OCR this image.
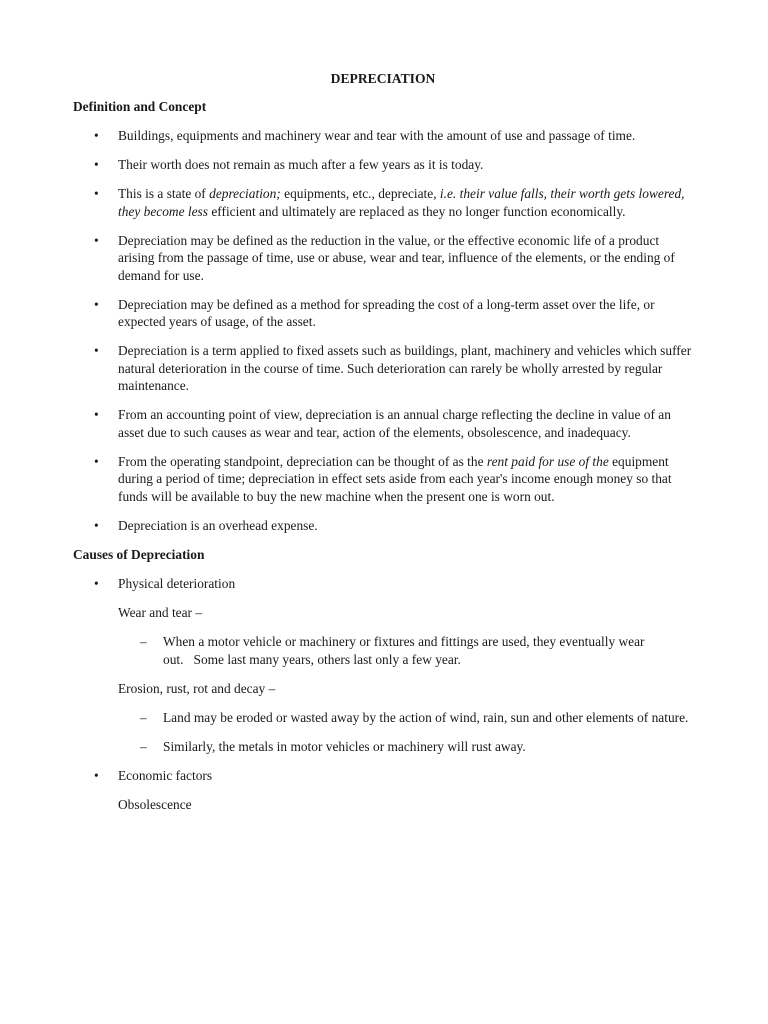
DEPRECIATION
Definition and Concept
• Buildings, equipments and machinery wear and tear with the amount of use and passage of time.
• Their worth does not remain as much after a few years as it is today.
• This is a state of depreciation; equipments, etc., depreciate, i.e. their value falls, their worth gets lowered, they become less efficient and ultimately are replaced as they no longer function economically.
• Depreciation may be defined as the reduction in the value, or the effective economic life of a product arising from the passage of time, use or abuse, wear and tear, influence of the elements, or the ending of demand for use.
• Depreciation may be defined as a method for spreading the cost of a long-term asset over the life, or expected years of usage, of the asset.
• Depreciation is a term applied to fixed assets such as buildings, plant, machinery and vehicles which suffer natural deterioration in the course of time. Such deterioration can rarely be wholly arrested by regular maintenance.
• From an accounting point of view, depreciation is an annual charge reflecting the decline in value of an asset due to such causes as wear and tear, action of the elements, obsolescence, and inadequacy.
• From the operating standpoint, depreciation can be thought of as the rent paid for use of the equipment during a period of time; depreciation in effect sets aside from each year's income enough money so that funds will be available to buy the new machine when the present one is worn out.
• Depreciation is an overhead expense.
Causes of Depreciation
• Physical deterioration
Wear and tear –
– When a motor vehicle or machinery or fixtures and fittings are used, they eventually wear out.   Some last many years, others last only a few year.
Erosion, rust, rot and decay –
– Land may be eroded or wasted away by the action of wind, rain, sun and other elements of nature.
– Similarly, the metals in motor vehicles or machinery will rust away.
• Economic factors
Obsolescence
